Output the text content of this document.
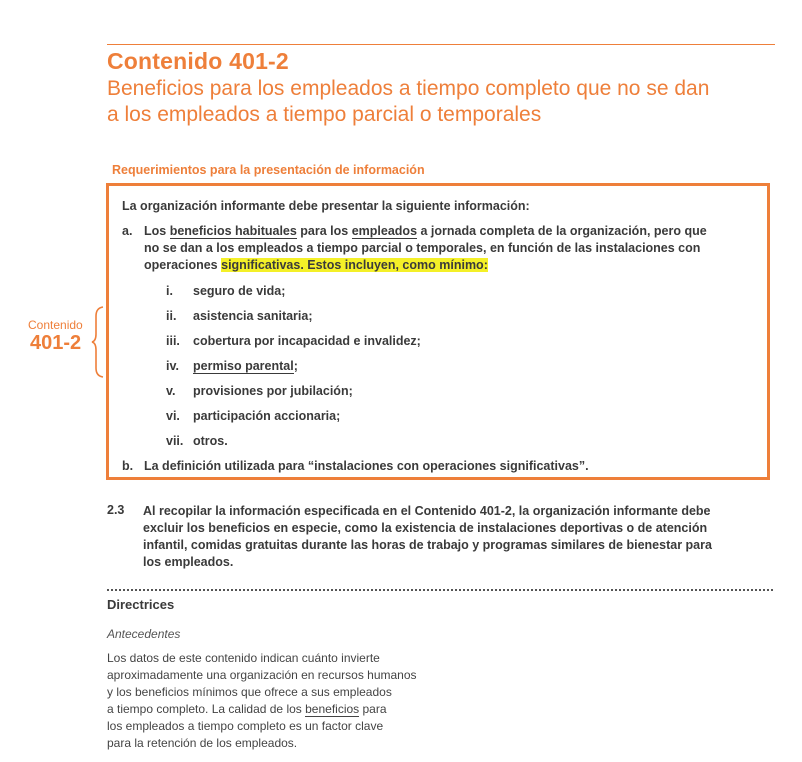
Contenido 401-2
Beneficios para los empleados a tiempo completo que no se dan
a los empleados a tiempo parcial o temporales
Requerimientos para la presentación de información
La organización informante debe presentar la siguiente información:
a. Los beneficios habituales para los empleados a jornada completa de la organización, pero que
no se dan a los empleados a tiempo parcial o temporales, en función de las instalaciones con
operaciones significativas. Estos incluyen, como mínimo:
i.	seguro de vida;
ii.	asistencia sanitaria;
iii.	cobertura por incapacidad e invalidez;
iv.	permiso parental;
v.	provisiones por jubilación;
vi.	participación accionaria;
vii. otros.
b. La definición utilizada para “instalaciones con operaciones significativas”.
Contenido
401-2
2.3 Al recopilar la información especificada en el Contenido 401-2, la organización informante debe
excluir los beneficios en especie, como la existencia de instalaciones deportivas o de atención
infantil, comidas gratuitas durante las horas de trabajo y programas similares de bienestar para
los empleados.
Directrices
Antecedentes
Los datos de este contenido indican cuánto invierte
aproximadamente una organización en recursos humanos
y los beneficios mínimos que ofrece a sus empleados
a tiempo completo. La calidad de los beneficios para
los empleados a tiempo completo es un factor clave
para la retención de los empleados.
